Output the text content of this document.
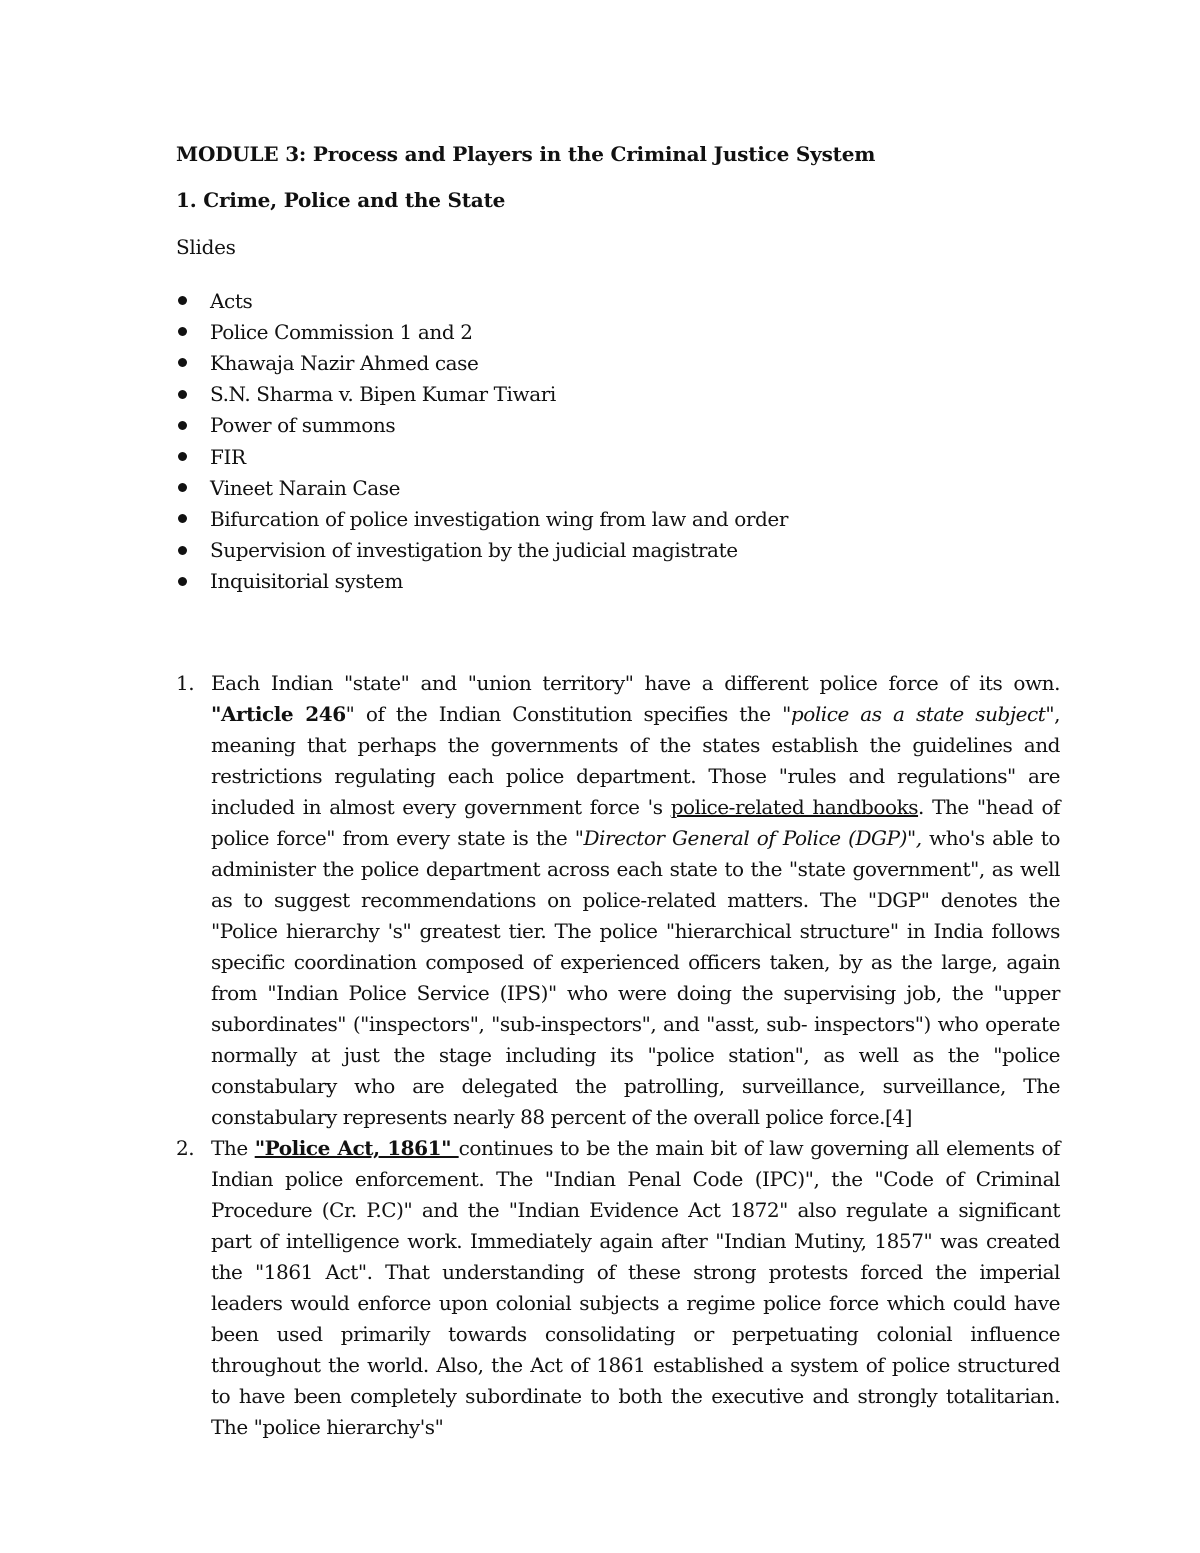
MODULE 3: Process and Players in the Criminal Justice System
1. Crime, Police and the State
Slides
Acts
Police Commission 1 and 2
Khawaja Nazir Ahmed case
S.N. Sharma v. Bipen Kumar Tiwari
Power of summons
FIR
Vineet Narain Case
Bifurcation of police investigation wing from law and order
Supervision of investigation by the judicial magistrate
Inquisitorial system
1. Each Indian "state" and "union territory" have a different police force of its own. "Article 246" of the Indian Constitution specifies the "police as a state subject", meaning that perhaps the governments of the states establish the guidelines and restrictions regulating each police department. Those "rules and regulations" are included in almost every government force 's police-related handbooks. The "head of police force" from every state is the "Director General of Police (DGP)", who's able to administer the police department across each state to the "state government", as well as to suggest recommendations on police-related matters. The "DGP" denotes the "Police hierarchy 's" greatest tier. The police "hierarchical structure" in India follows specific coordination composed of experienced officers taken, by as the large, again from "Indian Police Service (IPS)" who were doing the supervising job, the "upper subordinates" ("inspectors", "sub-inspectors", and "asst, sub- inspectors") who operate normally at just the stage including its "police station", as well as the "police constabulary who are delegated the patrolling, surveillance, surveillance, The constabulary represents nearly 88 percent of the overall police force.[4]
2. The "Police Act, 1861" continues to be the main bit of law governing all elements of Indian police enforcement. The "Indian Penal Code (IPC)", the "Code of Criminal Procedure (Cr. P.C)" and the "Indian Evidence Act 1872" also regulate a significant part of intelligence work. Immediately again after "Indian Mutiny, 1857" was created the "1861 Act". That understanding of these strong protests forced the imperial leaders would enforce upon colonial subjects a regime police force which could have been used primarily towards consolidating or perpetuating colonial influence throughout the world. Also, the Act of 1861 established a system of police structured to have been completely subordinate to both the executive and strongly totalitarian. The "police hierarchy's"
